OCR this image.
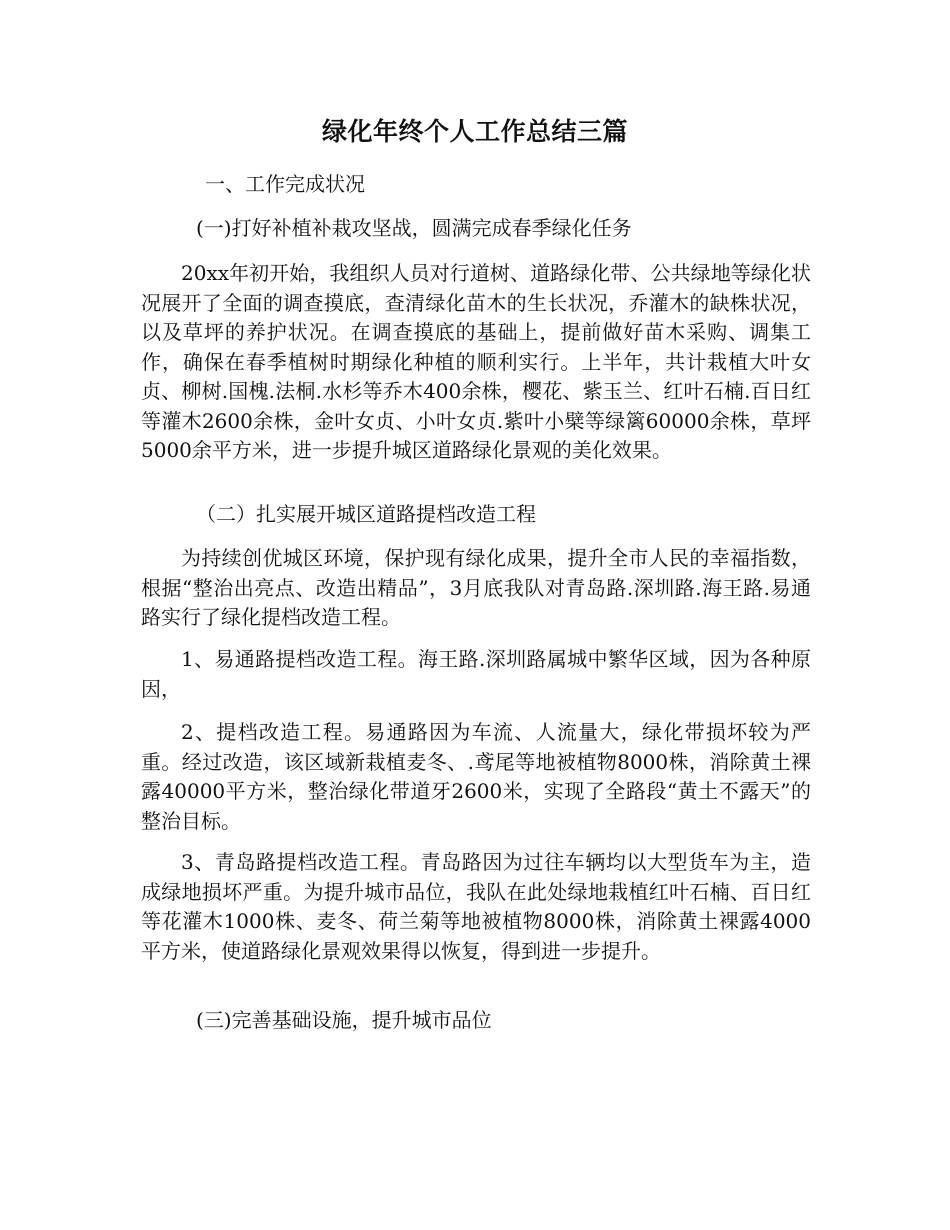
绿化年终个人工作总结三篇
一、工作完成状况
(一)打好补植补栽攻坚战，圆满完成春季绿化任务
20xx年初开始，我组织人员对行道树、道路绿化带、公共绿地等绿化状况展开了全面的调查摸底，查清绿化苗木的生长状况，乔灌木的缺株状况，以及草坪的养护状况。在调查摸底的基础上，提前做好苗木采购、调集工作，确保在春季植树时期绿化种植的顺利实行。上半年，共计栽植大叶女贞、柳树.国槐.法桐.水杉等乔木400余株，樱花、紫玉兰、红叶石楠.百日红等灌木2600余株，金叶女贞、小叶女贞.紫叶小檗等绿篱60000余株，草坪5000余平方米，进一步提升城区道路绿化景观的美化效果。
（二）扎实展开城区道路提档改造工程
为持续创优城区环境，保护现有绿化成果，提升全市人民的幸福指数，根据“整治出亮点、改造出精品”，3月底我队对青岛路.深圳路.海王路.易通路实行了绿化提档改造工程。
1、易通路提档改造工程。海王路.深圳路属城中繁华区域，因为各种原因，
2、提档改造工程。易通路因为车流、人流量大，绿化带损坏较为严重。经过改造，该区域新栽植麦冬、.鸢尾等地被植物8000株，消除黄土裸露40000平方米，整治绿化带道牙2600米，实现了全路段“黄土不露天”的整治目标。
3、青岛路提档改造工程。青岛路因为过往车辆均以大型货车为主，造成绿地损坏严重。为提升城市品位，我队在此处绿地栽植红叶石楠、百日红等花灌木1000株、麦冬、荷兰菊等地被植物8000株，消除黄土裸露4000平方米，使道路绿化景观效果得以恢复，得到进一步提升。
(三)完善基础设施，提升城市品位
